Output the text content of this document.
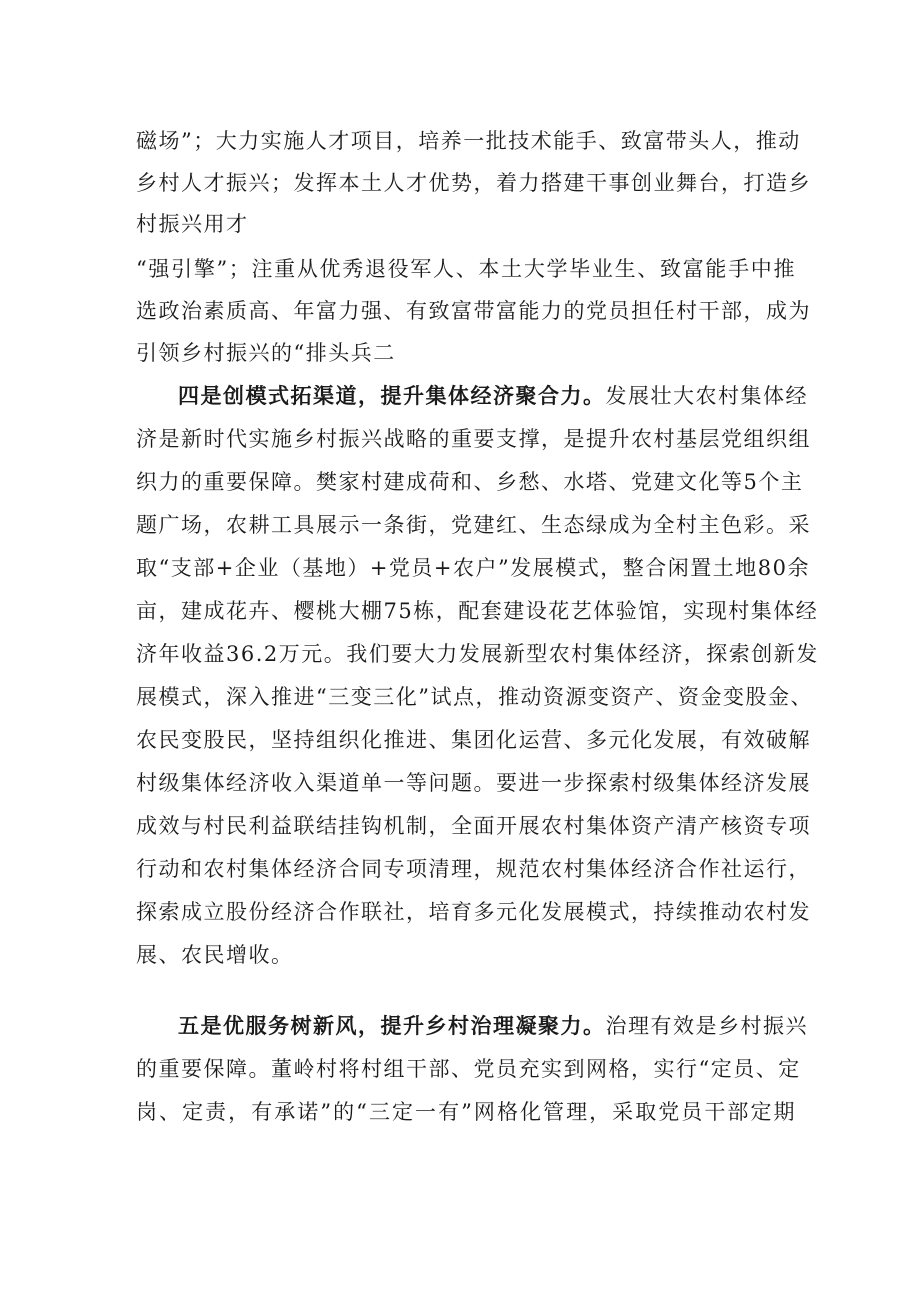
磁场”；大力实施人才项目，培养一批技术能手、致富带头人，推动
乡村人才振兴；发挥本土人才优势，着力搭建干事创业舞台，打造乡
村振兴用才
“强引擎”；注重从优秀退役军人、本土大学毕业生、致富能手中推
选政治素质高、年富力强、有致富带富能力的党员担任村干部，成为
引领乡村振兴的“排头兵二
四是创模式拓渠道，提升集体经济聚合力。发展壮大农村集体经
济是新时代实施乡村振兴战略的重要支撑，是提升农村基层党组织组
织力的重要保障。樊家村建成荷和、乡愁、水塔、党建文化等5个主
题广场，农耕工具展示一条街，党建红、生态绿成为全村主色彩。采
取“支部+企业（基地）+党员+农户”发展模式，整合闲置土地80余
亩，建成花卉、樱桃大棚75栋，配套建设花艺体验馆，实现村集体经
济年收益36.2万元。我们要大力发展新型农村集体经济，探索创新发
展模式，深入推进“三变三化”试点，推动资源变资产、资金变股金、
农民变股民，坚持组织化推进、集团化运营、多元化发展，有效破解
村级集体经济收入渠道单一等问题。要进一步探索村级集体经济发展
成效与村民利益联结挂钩机制，全面开展农村集体资产清产核资专项
行动和农村集体经济合同专项清理，规范农村集体经济合作社运行，
探索成立股份经济合作联社，培育多元化发展模式，持续推动农村发
展、农民增收。
五是优服务树新风，提升乡村治理凝聚力。治理有效是乡村振兴
的重要保障。董岭村将村组干部、党员充实到网格，实行“定员、定
岗、定责，有承诺”的“三定一有”网格化管理，采取党员干部定期
